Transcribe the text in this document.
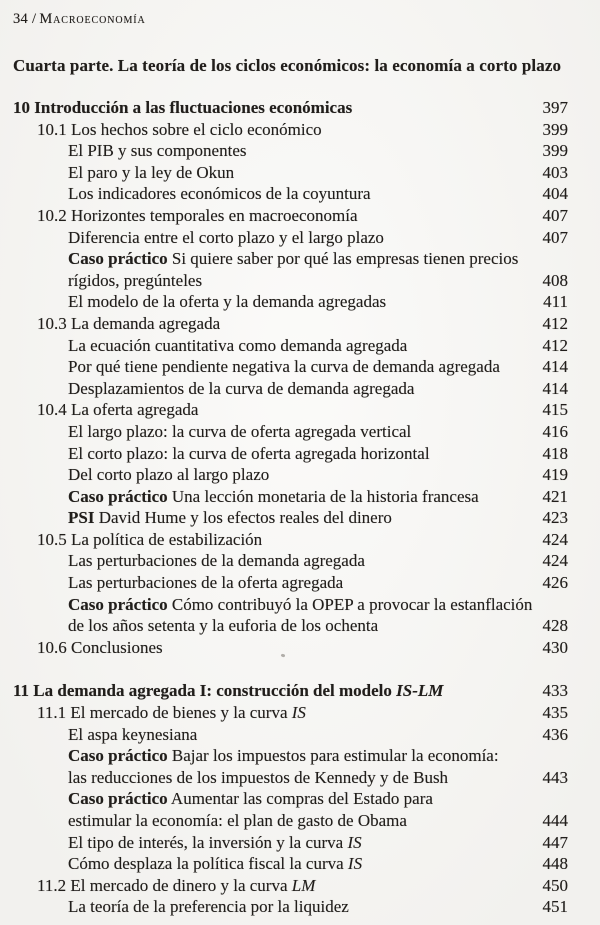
34 / Macroeconomía
Cuarta parte. La teoría de los ciclos económicos: la economía a corto plazo
10 Introducción a las fluctuaciones económicas	397
10.1 Los hechos sobre el ciclo económico	399
El PIB y sus componentes	399
El paro y la ley de Okun	403
Los indicadores económicos de la coyuntura	404
10.2 Horizontes temporales en macroeconomía	407
Diferencia entre el corto plazo y el largo plazo	407
Caso práctico Si quiere saber por qué las empresas tienen precios
rígidos, pregúnteles	408
El modelo de la oferta y la demanda agregadas	411
10.3 La demanda agregada	412
La ecuación cuantitativa como demanda agregada	412
Por qué tiene pendiente negativa la curva de demanda agregada	414
Desplazamientos de la curva de demanda agregada	414
10.4 La oferta agregada	415
El largo plazo: la curva de oferta agregada vertical	416
El corto plazo: la curva de oferta agregada horizontal	418
Del corto plazo al largo plazo	419
Caso práctico Una lección monetaria de la historia francesa	421
PSI David Hume y los efectos reales del dinero	423
10.5 La política de estabilización	424
Las perturbaciones de la demanda agregada	424
Las perturbaciones de la oferta agregada	426
Caso práctico Cómo contribuyó la OPEP a provocar la estanflación
de los años setenta y la euforia de los ochenta	428
10.6 Conclusiones	430
11 La demanda agregada I: construcción del modelo IS-LM	433
11.1 El mercado de bienes y la curva IS	435
El aspa keynesiana	436
Caso práctico Bajar los impuestos para estimular la economía:
las reducciones de los impuestos de Kennedy y de Bush	443
Caso práctico Aumentar las compras del Estado para
estimular la economía: el plan de gasto de Obama	444
El tipo de interés, la inversión y la curva IS	447
Cómo desplaza la política fiscal la curva IS	448
11.2 El mercado de dinero y la curva LM	450
La teoría de la preferencia por la liquidez	451
